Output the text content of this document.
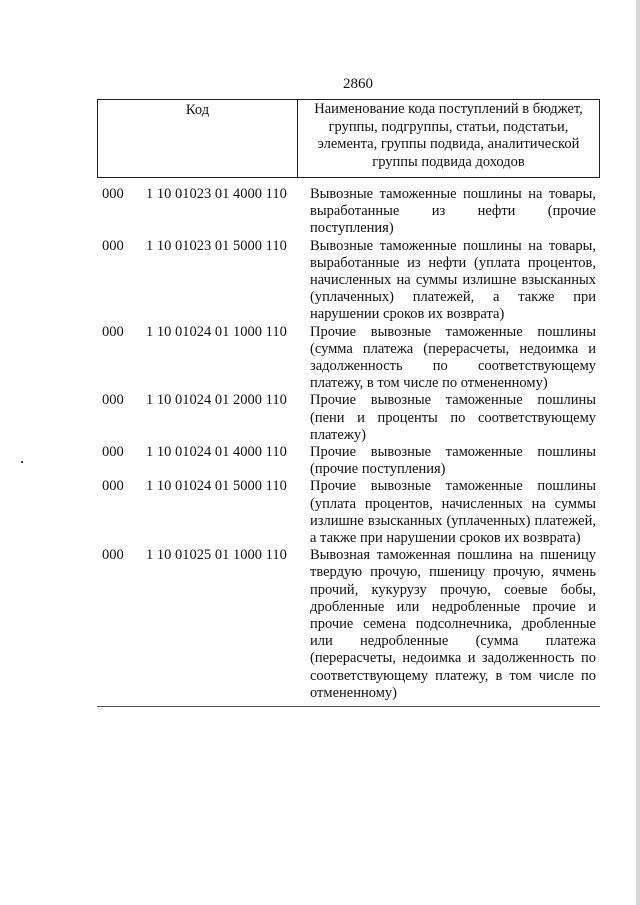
2860
Код	Наименование кода поступлений в бюджет, группы, подгруппы, статьи, подстатьи, элемента, группы подвида, аналитической группы подвида доходов
000	1 10 01023 01 4000 110	Вывозные таможенные пошлины на товары, выработанные из нефти (прочие поступления)
000	1 10 01023 01 5000 110	Вывозные таможенные пошлины на товары, выработанные из нефти (уплата процентов, начисленных на суммы излишне взысканных (уплаченных) платежей, а также при нарушении сроков их возврата)
000	1 10 01024 01 1000 110	Прочие вывозные таможенные пошлины (сумма платежа (перерасчеты, недоимка и задолженность по соответствующему платежу, в том числе по отмененному)
000	1 10 01024 01 2000 110	Прочие вывозные таможенные пошлины (пени и проценты по соответствующему платежу)
000	1 10 01024 01 4000 110	Прочие вывозные таможенные пошлины (прочие поступления)
000	1 10 01024 01 5000 110	Прочие вывозные таможенные пошлины (уплата процентов, начисленных на суммы излишне взысканных (уплаченных) платежей, а также при нарушении сроков их возврата)
000	1 10 01025 01 1000 110	Вывозная таможенная пошлина на пшеницу твердую прочую, пшеницу прочую, ячмень прочий, кукурузу прочую, соевые бобы, дробленные или недробленные прочие и прочие семена подсолнечника, дробленные или недробленные (сумма платежа (перерасчеты, недоимка и задолженность по соответствующему платежу, в том числе по отмененному)
